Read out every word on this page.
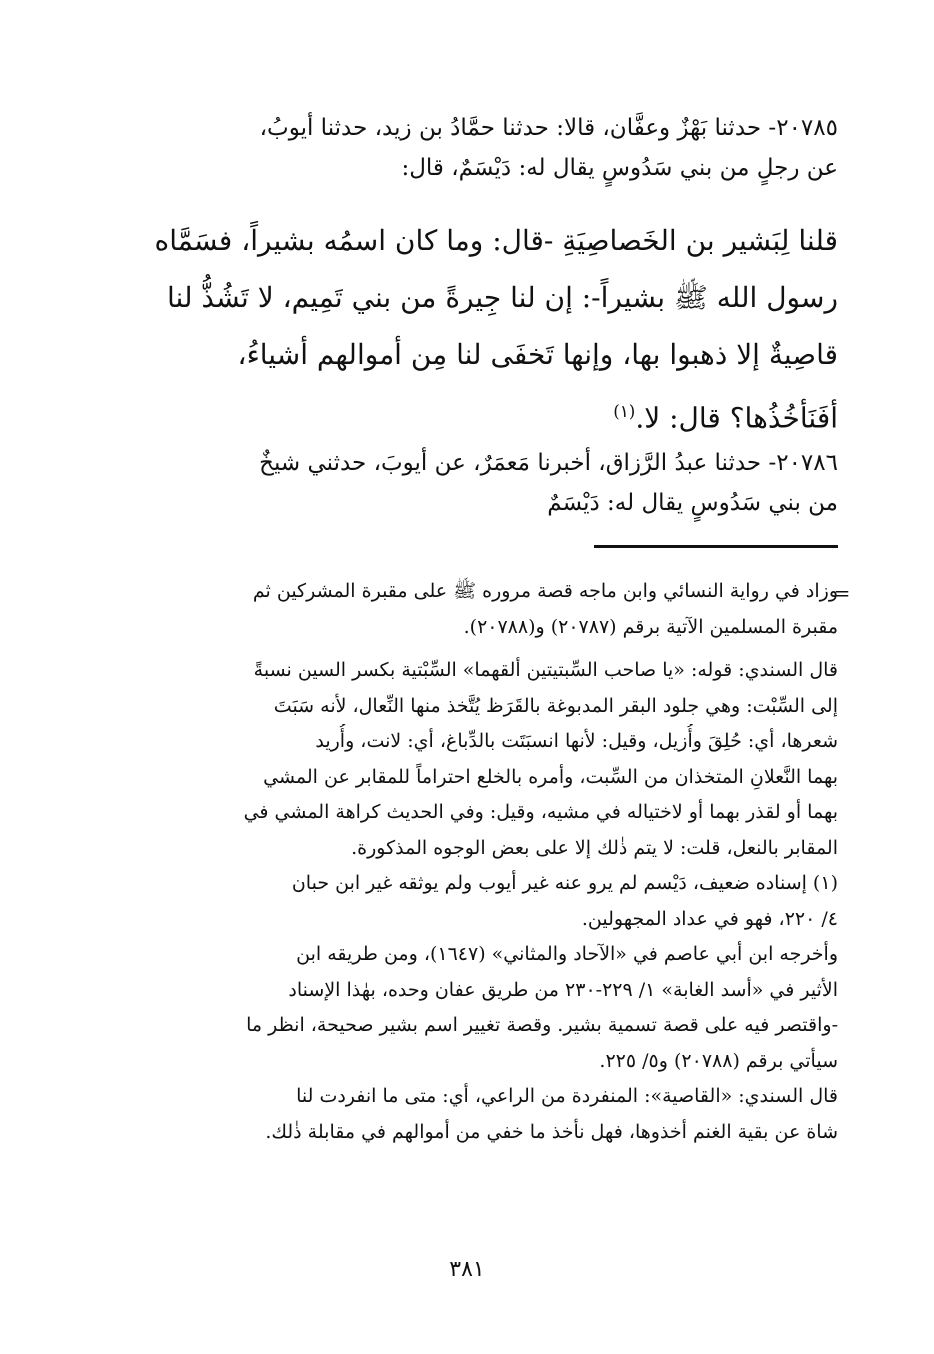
٢٠٧٨٥- حدثنا بَهْزٌ وعفَّان، قالا: حدثنا حمَّادُ بن زيد، حدثنا أيوبُ،
عن رجلٍ من بني سَدُوسٍ يقال له: دَيْسَمٌ، قال:
قلنا لِبَشير بن الخَصاصِيَةِ -قال: وما كان اسمُه بشيراً، فسَمَّاه
رسول الله ﷺ بشيراً-: إن لنا جِيرةً من بني تَمِيم، لا تَشُذُّ لنا
قاصِيةٌ إلا ذهبوا بها، وإنها تَخفَى لنا مِن أموالهم أشياءُ،
أفَنَأخُذُها؟ قال: لا.$^{(١)}$
٢٠٧٨٦- حدثنا عبدُ الرَّزاق، أخبرنا مَعمَرٌ، عن أيوبَ، حدثني شيخٌ
من بني سَدُوسٍ يقال له: دَيْسَمٌ
=
وزاد في رواية النسائي وابن ماجه قصة مروره ﷺ على مقبرة المشركين ثم
مقبرة المسلمين الآتية برقم (٢٠٧٨٧) و(٢٠٧٨٨).
قال السندي: قوله: «يا صاحب السِّبتيتين ألقهما» السِّبْتية بكسر السين نسبةً
إلى السِّبْت: وهي جلود البقر المدبوغة بالقَرَظ يُتَّخذ منها النِّعال، لأنه سَبَتَ
شعرها، أي: حُلِقَ وأُزيل، وقيل: لأنها انسبَتَت بالدِّباغ، أي: لانت، وأُريد
بهما النَّعلانِ المتخذان من السِّبت، وأمره بالخلع احتراماً للمقابر عن المشي
بهما أو لقذر بهما أو لاختياله في مشيه، وقيل: وفي الحديث كراهة المشي في
المقابر بالنعل، قلت: لا يتم ذٰلك إلا على بعض الوجوه المذكورة.
(١) إسناده ضعيف، دَيْسم لم يرو عنه غير أيوب ولم يوثقه غير ابن حبان
٤/ ٢٢٠، فهو في عداد المجهولين.
وأخرجه ابن أبي عاصم في «الآحاد والمثاني» (١٦٤٧)، ومن طريقه ابن
الأثير في «أسد الغابة» ١/ ٢٢٩-٢٣٠ من طريق عفان وحده، بهٰذا الإسناد
-واقتصر فيه على قصة تسمية بشير. وقصة تغيير اسم بشير صحيحة، انظر ما
سيأتي برقم (٢٠٧٨٨) و٥/ ٢٢٥.
قال السندي: «القاصية»: المنفردة من الراعي، أي: متى ما انفردت لنا
شاة عن بقية الغنم أخذوها، فهل نأخذ ما خفي من أموالهم في مقابلة ذٰلك.
٣٨١
